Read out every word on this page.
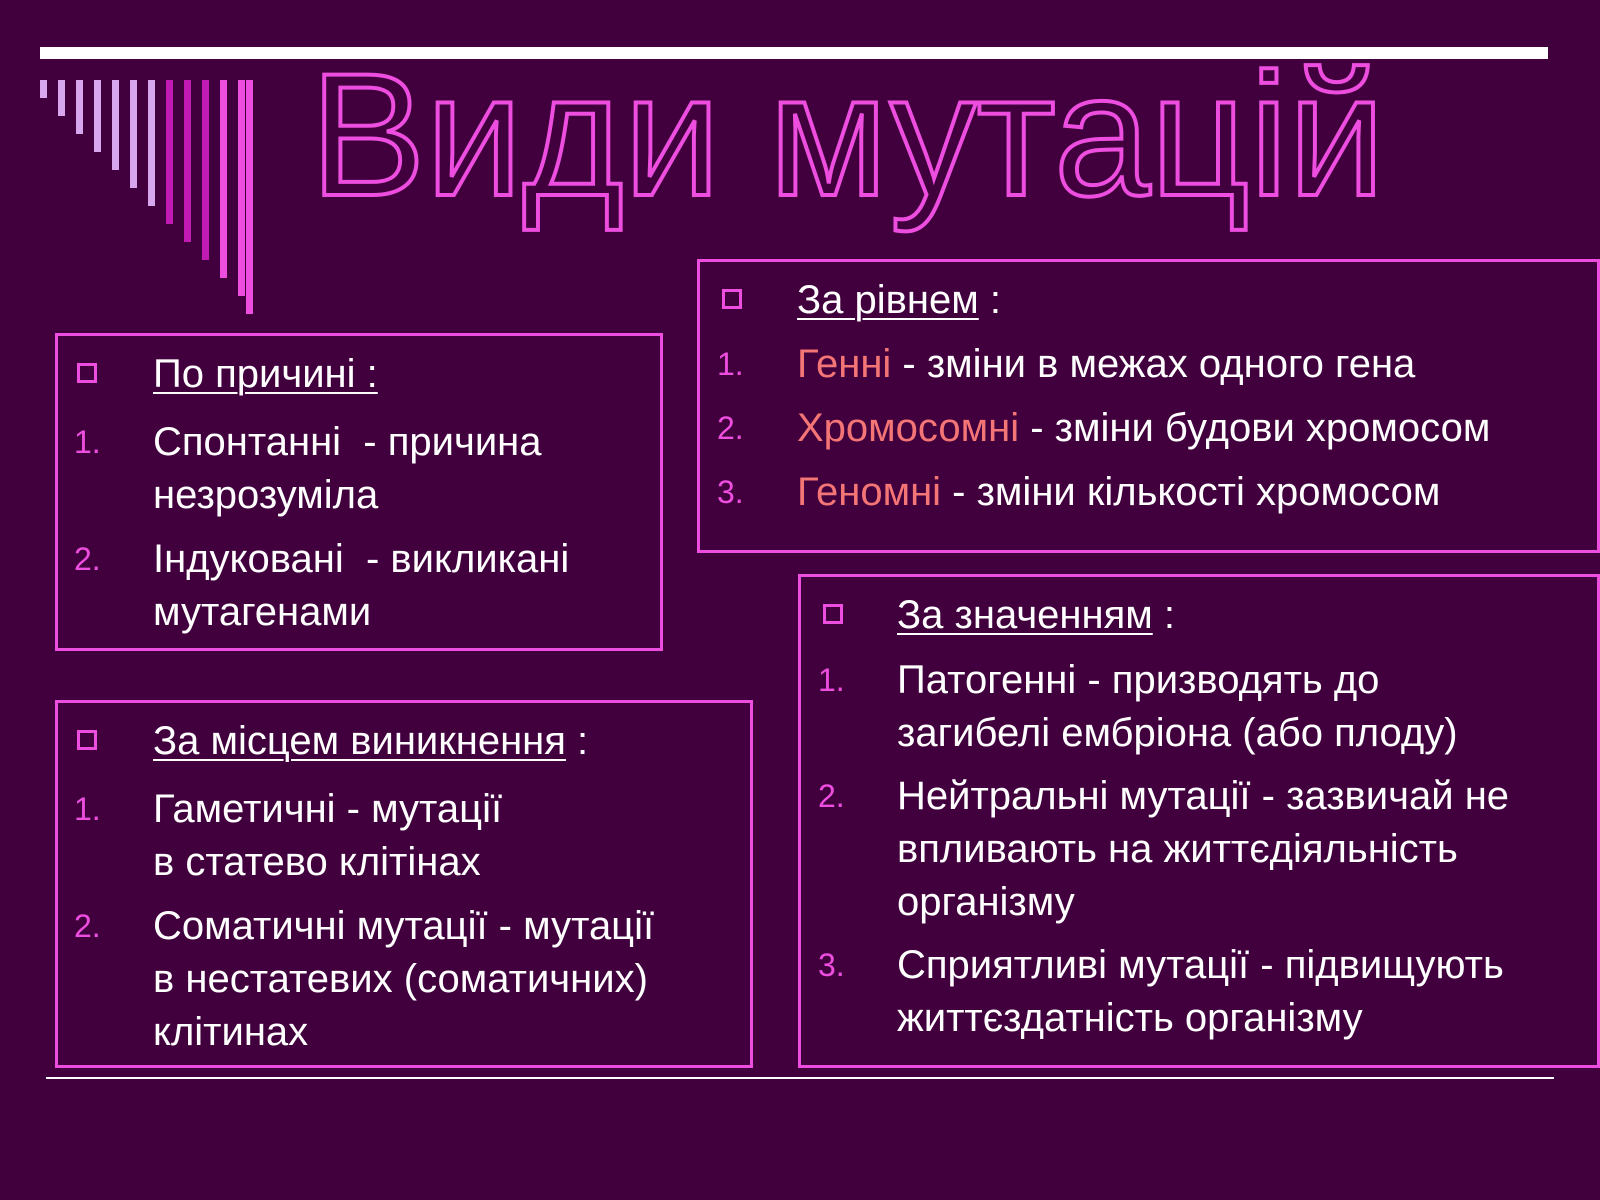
Види мутацій
По причині :
1. Спонтанні  - причина
незрозуміла
2. Індуковані  - викликані
мутагенами
За місцем виникнення :
1. Гаметичні - мутації
в статево клітінах
2. Соматичні мутації - мутації
в нестатевих (соматичних)
клітинах
За рівнем :
1. Генні - зміни в межах одного гена
2. Хромосомні - зміни будови хромосом
3. Геномні - зміни кількості хромосом
За значенням :
1. Патогенні - призводять до
загибелі ембріона (або плоду)
2. Нейтральні мутації - зазвичай не
впливають на життєдіяльність
організму
3. Сприятливі мутації - підвищують
життєздатність організму
